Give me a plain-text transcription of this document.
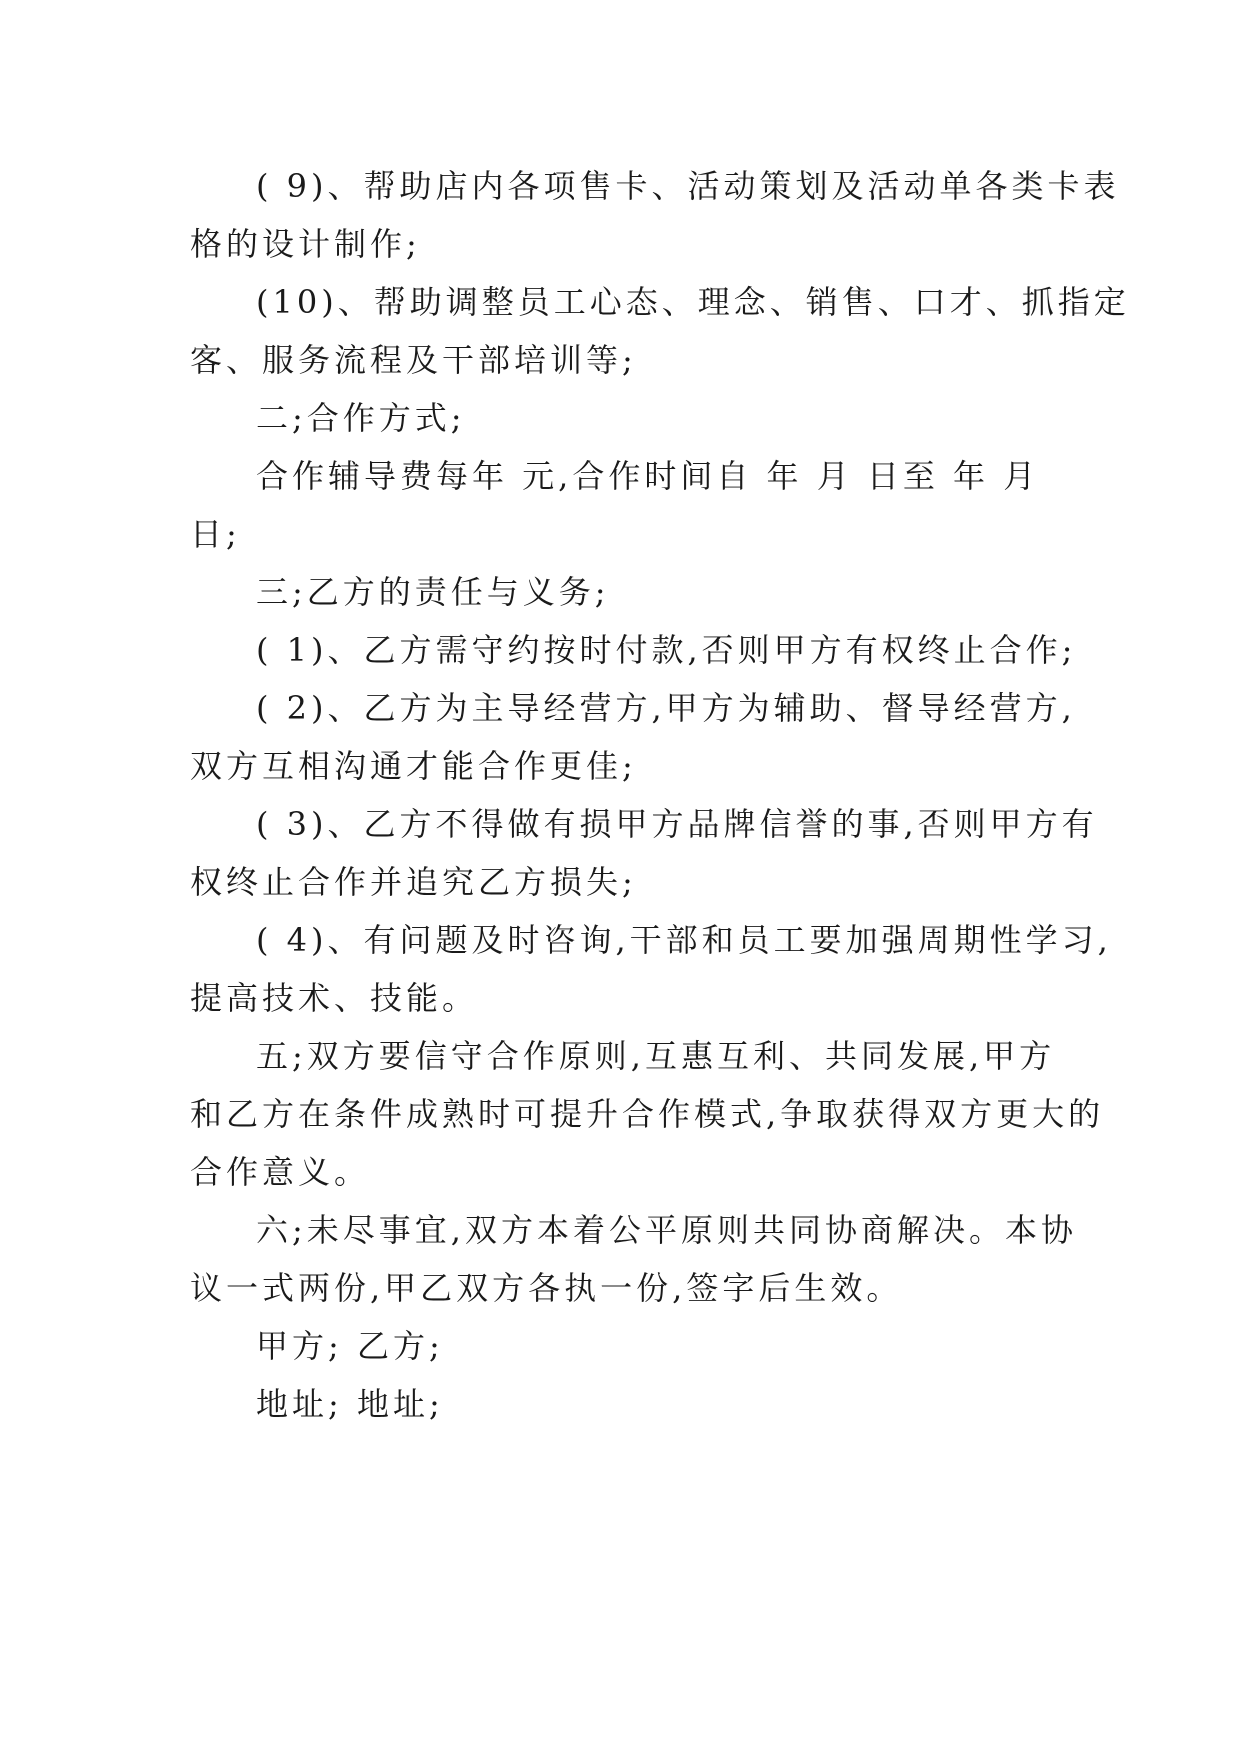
( 9)、帮助店内各项售卡、活动策划及活动单各类卡表
格的设计制作;
(10)、帮助调整员工心态、理念、销售、口才、抓指定
客、服务流程及干部培训等;
二;合作方式;
合作辅导费每年 元,合作时间自 年 月 日至 年 月
日;
三;乙方的责任与义务;
( 1)、乙方需守约按时付款,否则甲方有权终止合作;
( 2)、乙方为主导经营方,甲方为辅助、督导经营方,
双方互相沟通才能合作更佳;
( 3)、乙方不得做有损甲方品牌信誉的事,否则甲方有
权终止合作并追究乙方损失;
( 4)、有问题及时咨询,干部和员工要加强周期性学习,
提高技术、技能。
五;双方要信守合作原则,互惠互利、共同发展,甲方
和乙方在条件成熟时可提升合作模式,争取获得双方更大的
合作意义。
六;未尽事宜,双方本着公平原则共同协商解决。本协
议一式两份,甲乙双方各执一份,签字后生效。
甲方; 乙方;
地址; 地址;
